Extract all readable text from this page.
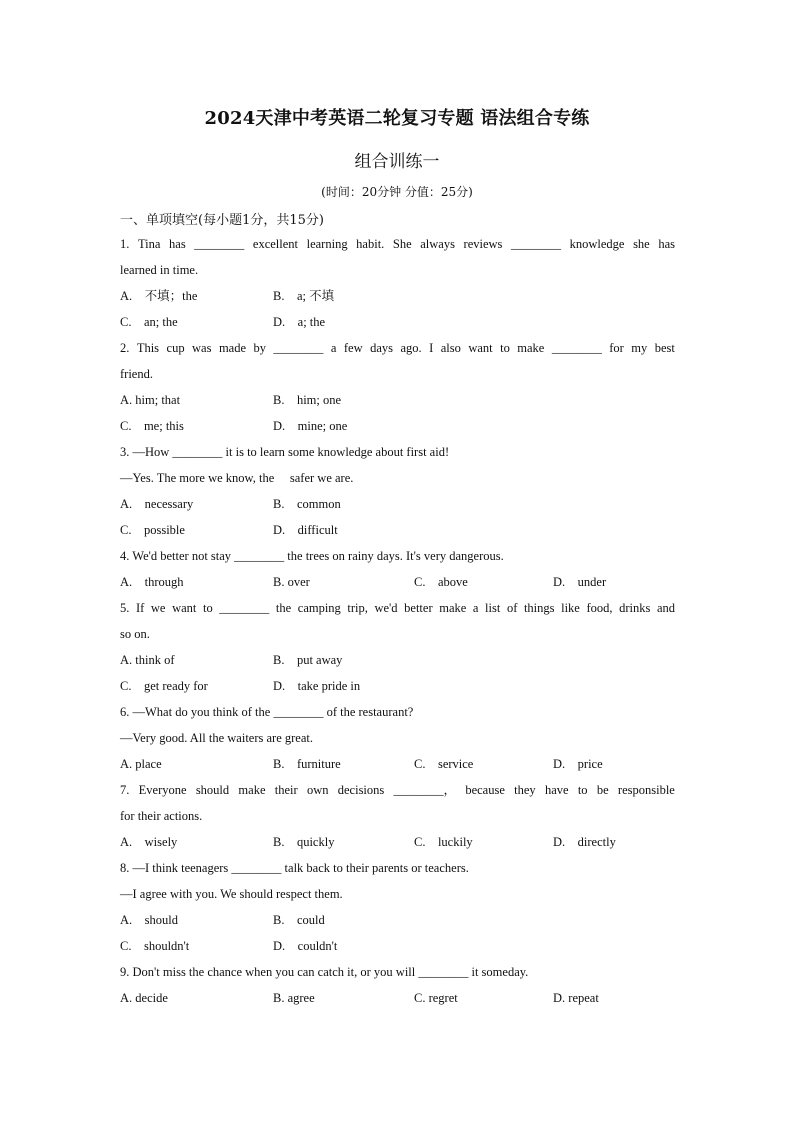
2024天津中考英语二轮复习专题 语法组合专练
组合训练一
(时间：20分钟 分值：25分)
一、单项填空(每小题1分，共15分)
1. Tina has ________ excellent learning habit. She always reviews ________ knowledge she has
learned in time.
A.　不填；the	B.　a; 不填
C.　an; the	D.　a; the
2. This cup was made by ________ a few days ago. I also want to make ________ for my best
friend.
A. him; that	B.　him; one
C.　me; this	D.　mine; one
3. —How ________ it is to learn some knowledge about first aid!
—Yes. The more we know, the 　safer we are.
A.　necessary	B.　common
C.　possible	D.　difficult
4. We'd better not stay ________ the trees on rainy days. It's very dangerous.
A.　through	B. over	C.　above	D.　under
5. If we want to ________ the camping trip, we'd better make a list of things like food, drinks and
so on.
A. think of	B.　put away
C.　get ready for	D.　take pride in
6. —What do you think of the ________ of the restaurant?
—Very good. All the waiters are great.
A. place	B.　furniture	C.　service	D.　price
7. Everyone should make their own decisions ________， because they have to be responsible
for their actions.
A.　wisely	B.　quickly	C.　luckily	D.　directly
8. —I think teenagers ________ talk back to their parents or teachers.
—I agree with you. We should respect them.
A.　should	B.　could
C.　shouldn't	D.　couldn't
9. Don't miss the chance when you can catch it, or you will ________ it someday.
A. decide	B. agree	C. regret	D. repeat
